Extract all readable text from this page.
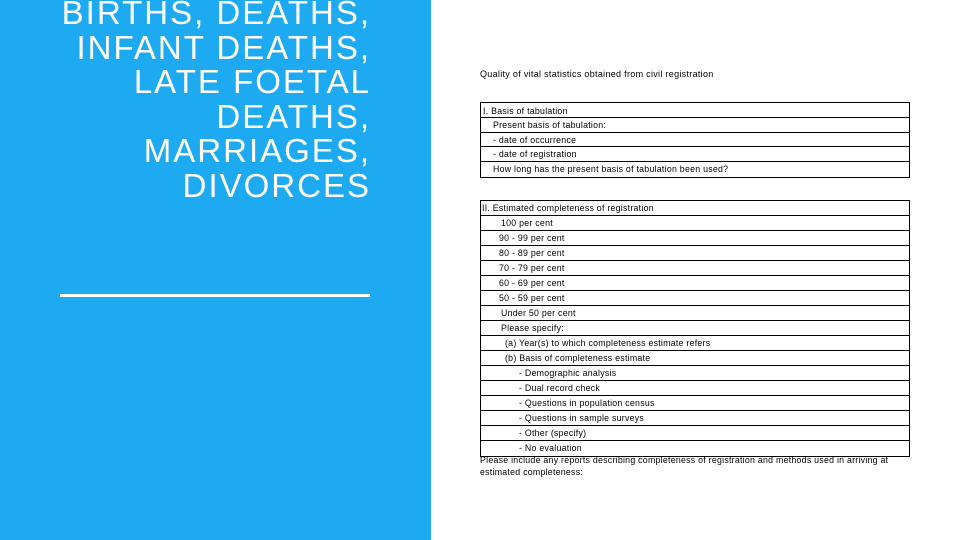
BIRTHS, DEATHS, INFANT DEATHS, LATE FOETAL DEATHS, MARRIAGES, DIVORCES
Quality of vital statistics obtained from civil registration
I. Basis of tabulation
Present basis of tabulation:
- date of occurrence
- date of registration
How long has the present basis of tabulation been used?
II. Estimated completeness of registration
100 per cent
90 - 99 per cent
80 - 89 per cent
70 - 79 per cent
60 - 69 per cent
50 - 59 per cent
Under 50 per cent
Please specify:
(a) Year(s) to which completeness estimate refers
(b) Basis of completeness estimate
- Demographic analysis
- Dual record check
- Questions in population census
- Questions in sample surveys
- Other (specify)
- No evaluation
Please include any reports describing completeness of registration and methods used in arriving at estimated completeness:
